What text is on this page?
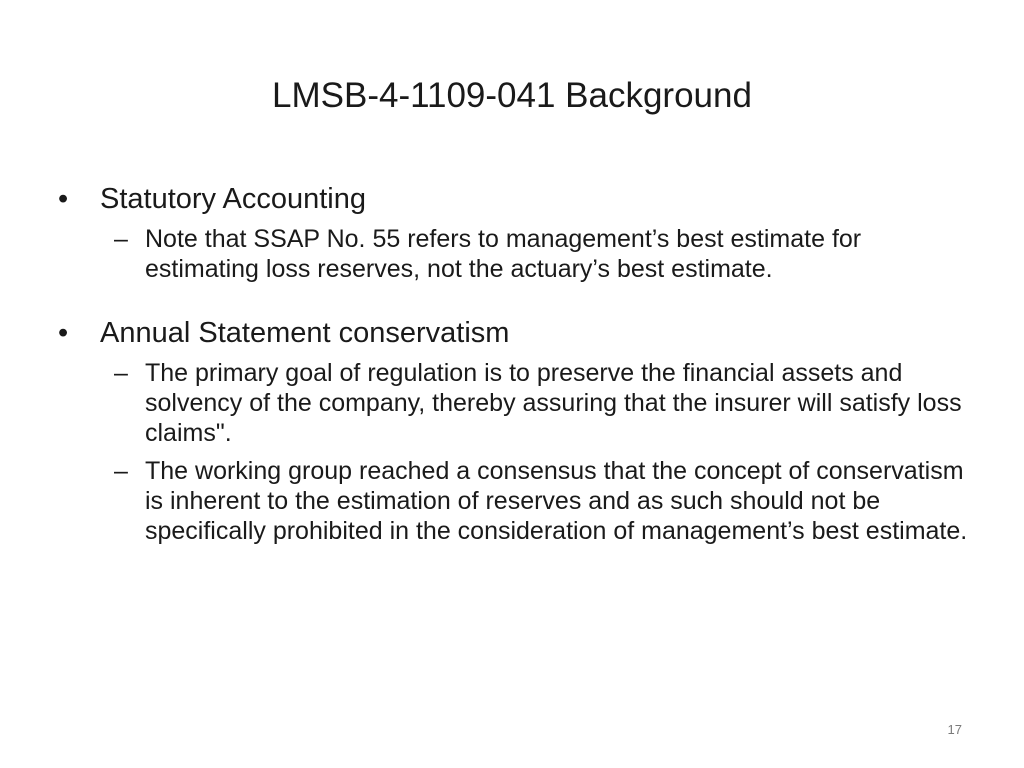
LMSB-4-1109-041 Background
• Statutory Accounting
– Note that SSAP No. 55 refers to management’s best estimate for estimating loss reserves, not the actuary’s best estimate.
• Annual Statement conservatism
– The primary goal of regulation is to preserve the financial assets and solvency of the company, thereby assuring that the insurer will satisfy loss claims".
– The working group reached a consensus that the concept of conservatism is inherent to the estimation of reserves and as such should not be specifically prohibited in the consideration of management’s best estimate.
17
